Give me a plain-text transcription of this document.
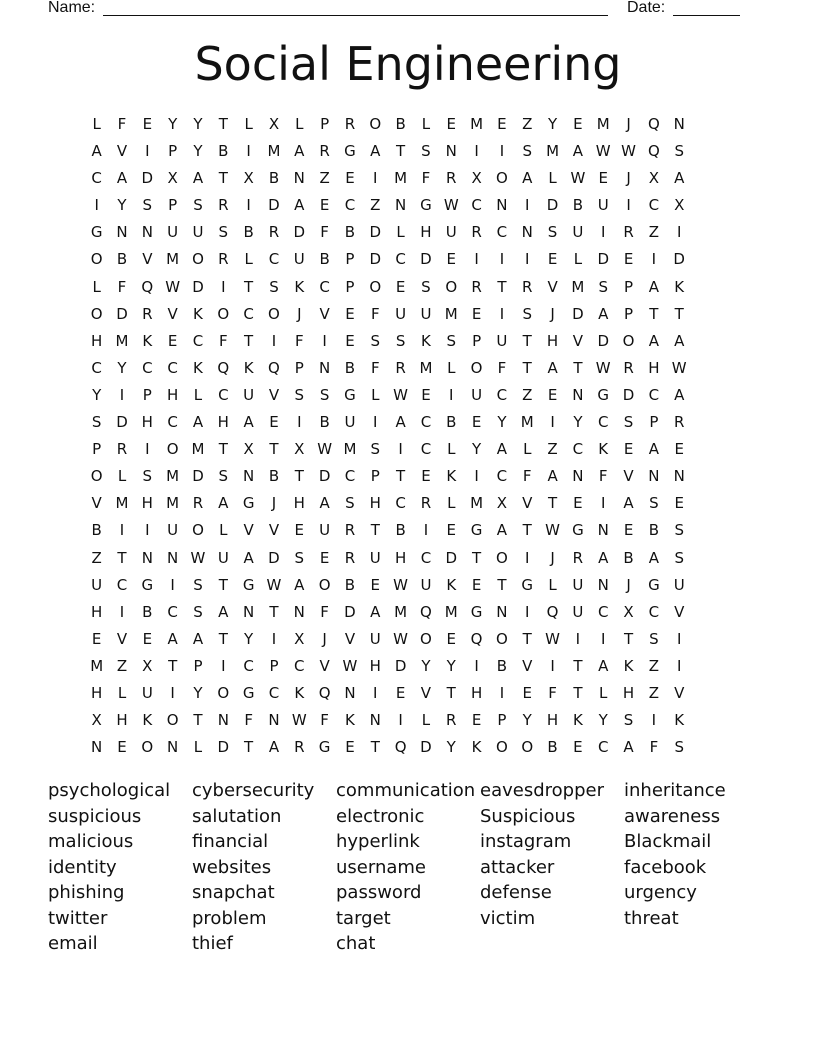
Name:	Date:
Social Engineering
L	F	E	Y	Y	T	L	X	L	P	R O B	L	E M E	Z	Y	E M	J	Q N
A	V	I	P	Y	B	I	M A R G A	T	S N	I	I	S M A W W Q S
C A D X	A	T	X	B N Z	E	I	M F	R X O A	L W E	J	X	A
I	Y	S	P	S	R	I	D A	E	C Z N G W C N	I	D B U	I	C X
G N N U U	S	B R D	F	B D	L	H U R C N S	U	I	R Z	I
O B	V M O R	L	C U B	P	D C D E	I	I	I	E	L	D E	I	D
L	F	Q W D	I	T	S	K	C	P O E	S O R	T	R V M S	P	A	K
O D R V	K O C O	J	V	E	F	U U M E	I	S	J	D A	P	T	T
H M K	E	C	F	T	I	F	I	E	S	S	K	S	P	U	T	H V D O A	A
C	Y	C C	K Q K Q P	N B	F	R M L	O	F	T	A	T W R H W
Y	I	P	H	L	C U V	S	S G	L W E	I	U C Z	E N G D C A
S D H C A H A	E	I	B U	I	A C B	E	Y M	I	Y	C	S	P	R
P	R	I	O M T	X	T	X W M S	I	C	L	Y	A	L	Z C	K	E	A	E
O	L	S M D S N B	T D C	P	T	E	K	I	C	F	A N	F	V N N
V M H M R A G	J	H A	S H C R	L M X	V	T	E	I	A	S	E
B	I	I	U O	L	V	V	E	U R	T	B	I	E G A	T W G N E	B	S
Z	T	N N W U A D S	E	R U H C D T O	I	J	R A	B	A	S
U C G	I	S	T G W A O B	E W U K	E	T G	L	U N	J	G U
H	I	B C	S	A N	T	N	F	D A M Q M G N	I	Q U C X C V
E	V	E	A	A	T	Y	I	X	J	V U W O E Q O T W	I	I	T	S	I
M Z	X	T	P	I	C	P	C V W H D Y	Y	I	B	V	I	T	A	K	Z	I
H	L	U	I	Y O G C	K Q N	I	E	V	T	H	I	E	F	T	L	H Z	V
X H K O T	N	F	N W F	K N	I	L	R	E	P	Y	H K	Y	S	I	K
N E O N	L	D T	A R G E	T Q D Y	K O O B	E	C A	F	S
psychological cybersecurity communication eavesdropper inheritance
suspicious	salutation	electronic	Suspicious	awareness
malicious	financial	hyperlink	instagram	Blackmail
identity	websites	username	attacker	facebook
phishing	snapchat	password	defense	urgency
twitter	problem	target	victim	threat
email	thief	chat
